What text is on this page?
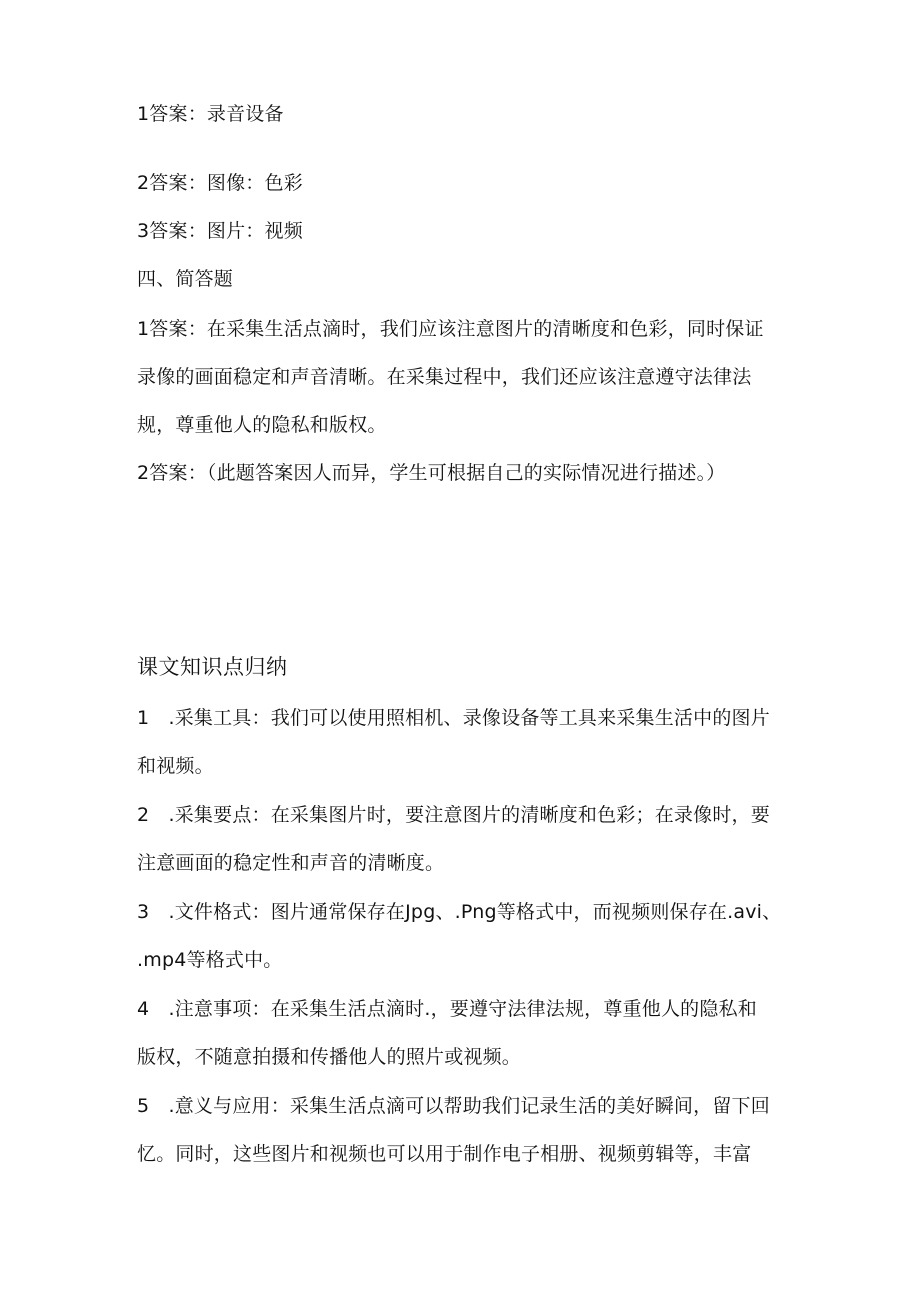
1答案：录音设备
2答案：图像：色彩
3答案：图片：视频
四、简答题
1答案：在采集生活点滴时，我们应该注意图片的清晰度和色彩，同时保证
录像的画面稳定和声音清晰。在采集过程中，我们还应该注意遵守法律法
规，尊重他人的隐私和版权。
2答案：（此题答案因人而异，学生可根据自己的实际情况进行描述。）
课文知识点归纳
1　.采集工具：我们可以使用照相机、录像设备等工具来采集生活中的图片
和视频。
2　.采集要点：在采集图片时，要注意图片的清晰度和色彩；在录像时，要
注意画面的稳定性和声音的清晰度。
3　.文件格式：图片通常保存在Jpg、.Png等格式中，而视频则保存在.avi、
.mp4等格式中。
4　.注意事项：在采集生活点滴时.，要遵守法律法规，尊重他人的隐私和
版权，不随意拍摄和传播他人的照片或视频。
5　.意义与应用：采集生活点滴可以帮助我们记录生活的美好瞬间，留下回
忆。同时，这些图片和视频也可以用于制作电子相册、视频剪辑等，丰富
